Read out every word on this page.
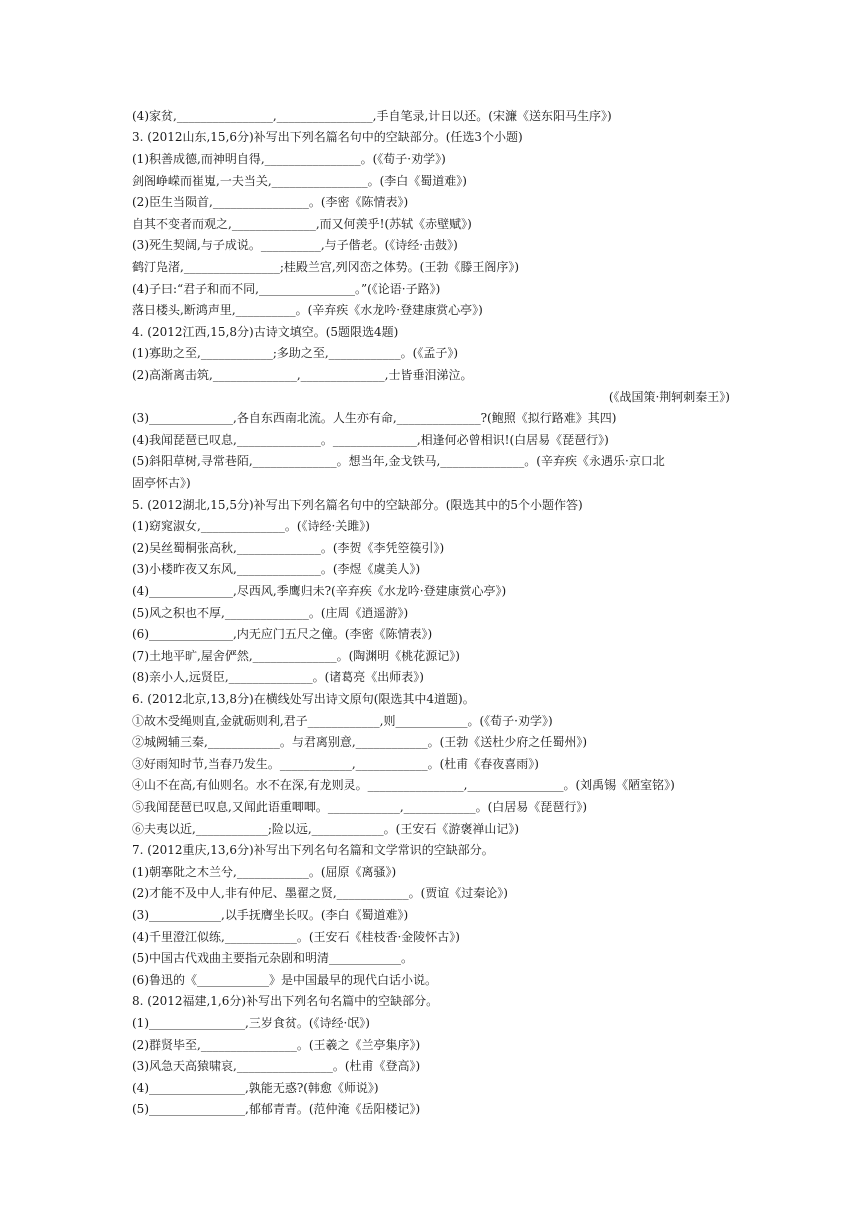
(4)家贫,________________,________________,手自笔录,计日以还。(宋濂《送东阳马生序》)
3. (2012山东,15,6分)补写出下列名篇名句中的空缺部分。(任选3个小题)
(1)积善成德,而神明自得,________________。(《荀子·劝学》)
剑阁峥嵘而崔嵬,一夫当关,________________。(李白《蜀道难》)
(2)臣生当陨首,________________。(李密《陈情表》)
自其不变者而观之,______________,而又何羡乎!(苏轼《赤壁赋》)
(3)死生契阔,与子成说。__________,与子偕老。(《诗经·击鼓》)
鹤汀凫渚,________________;桂殿兰宫,列冈峦之体势。(王勃《滕王阁序》)
(4)子曰:“君子和而不同,________________。”(《论语·子路》)
落日楼头,断鸿声里,__________。(辛弃疾《水龙吟·登建康赏心亭》)
4. (2012江西,15,8分)古诗文填空。(5题限选4题)
(1)寡助之至,____________;多助之至,____________。(《孟子》)
(2)高渐离击筑,______________,______________,士皆垂泪涕泣。
(《战国策·荆轲刺秦王》)
(3)______________,各自东西南北流。人生亦有命,______________?(鲍照《拟行路难》其四)
(4)我闻琵琶已叹息,______________。______________,相逢何必曾相识!(白居易《琵琶行》)
(5)斜阳草树,寻常巷陌,______________。想当年,金戈铁马,______________。(辛弃疾《永遇乐·京口北
固亭怀古》)
5. (2012湖北,15,5分)补写出下列名篇名句中的空缺部分。(限选其中的5个小题作答)
(1)窈窕淑女,______________。(《诗经·关雎》)
(2)吴丝蜀桐张高秋,______________。(李贺《李凭箜篌引》)
(3)小楼昨夜又东风,______________。(李煜《虞美人》)
(4)______________,尽西风,季鹰归未?(辛弃疾《水龙吟·登建康赏心亭》)
(5)风之积也不厚,______________。(庄周《逍遥游》)
(6)______________,内无应门五尺之僮。(李密《陈情表》)
(7)土地平旷,屋舍俨然,______________。(陶渊明《桃花源记》)
(8)亲小人,远贤臣,______________。(诸葛亮《出师表》)
6. (2012北京,13,8分)在横线处写出诗文原句(限选其中4道题)。
①故木受绳则直,金就砺则利,君子____________,则____________。(《荀子·劝学》)
②城阙辅三秦,____________。与君离别意,____________。(王勃《送杜少府之任蜀州》)
③好雨知时节,当春乃发生。____________,____________。(杜甫《春夜喜雨》)
④山不在高,有仙则名。水不在深,有龙则灵。________________,________________。(刘禹锡《陋室铭》)
⑤我闻琵琶已叹息,又闻此语重唧唧。____________,____________。(白居易《琵琶行》)
⑥夫夷以近,____________;险以远,____________。(王安石《游褒禅山记》)
7. (2012重庆,13,6分)补写出下列名句名篇和文学常识的空缺部分。
(1)朝搴阰之木兰兮,____________。(屈原《离骚》)
(2)才能不及中人,非有仲尼、墨翟之贤,____________。(贾谊《过秦论》)
(3)____________,以手抚膺坐长叹。(李白《蜀道难》)
(4)千里澄江似练,____________。(王安石《桂枝香·金陵怀古》)
(5)中国古代戏曲主要指元杂剧和明清____________。
(6)鲁迅的《____________》是中国最早的现代白话小说。
8. (2012福建,1,6分)补写出下列名句名篇中的空缺部分。
(1)________________,三岁食贫。(《诗经·氓》)
(2)群贤毕至,________________。(王羲之《兰亭集序》)
(3)风急天高猿啸哀,________________。(杜甫《登高》)
(4)________________,孰能无惑?(韩愈《师说》)
(5)________________,郁郁青青。(范仲淹《岳阳楼记》)
